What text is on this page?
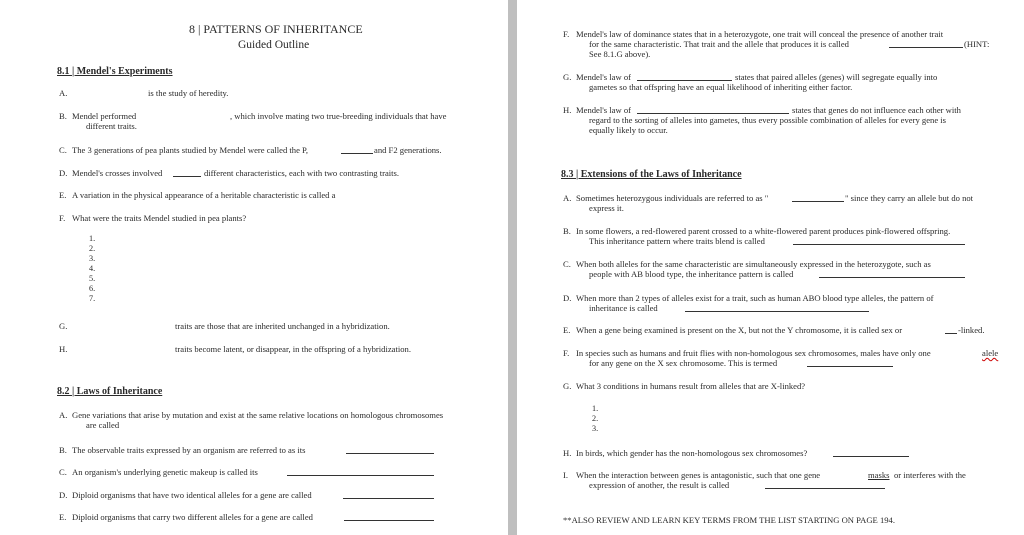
8 | PATTERNS OF INHERITANCE
Guided Outline
8.1 | Mendel's Experiments
A.	is the study of heredity.
B. Mendel performed	, which involve mating two true-breeding individuals that have
different traits.
C. The 3 generations of pea plants studied by Mendel were called the P,	and F2 generations.
D. Mendel's crosses involved	different characteristics, each with two contrasting traits.
E. A variation in the physical appearance of a heritable characteristic is called a
F. What were the traits Mendel studied in pea plants?
1.
2.
3.
4.
5.
6.
7.
G.	traits are those that are inherited unchanged in a hybridization.
H.	traits become latent, or disappear, in the offspring of a hybridization.
8.2 | Laws of Inheritance
A. Gene variations that arise by mutation and exist at the same relative locations on homologous chromosomes
are called
B. The observable traits expressed by an organism are referred to as its
C. An organism's underlying genetic makeup is called its
D. Diploid organisms that have two identical alleles for a gene are called
E. Diploid organisms that carry two different alleles for a gene are called
F. Mendel's law of dominance states that in a heterozygote, one trait will conceal the presence of another trait
for the same characteristic. That trait and the allele that produces it is called	(HINT:
See 8.1.G above).
G. Mendel's law of	states that paired alleles (genes) will segregate equally into
gametes so that offspring have an equal likelihood of inheriting either factor.
H. Mendel's law of	states that genes do not influence each other with
regard to the sorting of alleles into gametes, thus every possible combination of alleles for every gene is
equally likely to occur.
8.3 | Extensions of the Laws of Inheritance
A. Sometimes heterozygous individuals are referred to as "	" since they carry an allele but do not
express it.
B. In some flowers, a red-flowered parent crossed to a white-flowered parent produces pink-flowered offspring.
This inheritance pattern where traits blend is called
C. When both alleles for the same characteristic are simultaneously expressed in the heterozygote, such as
people with AB blood type, the inheritance pattern is called
D. When more than 2 types of alleles exist for a trait, such as human ABO blood type alleles, the pattern of
inheritance is called
E. When a gene being examined is present on the X, but not the Y chromosome, it is called sex or	-linked.
F. In species such as humans and fruit flies with non-homologous sex chromosomes, males have only one	alele
for any gene on the X sex chromosome. This is termed
G. What 3 conditions in humans result from alleles that are X-linked?
1.
2.
3.
H. In birds, which gender has the non-homologous sex chromosomes?
I. When the interaction between genes is antagonistic, such that one gene	masks or interferes with the
expression of another, the result is called
**ALSO REVIEW AND LEARN KEY TERMS FROM THE LIST STARTING ON PAGE 194.
